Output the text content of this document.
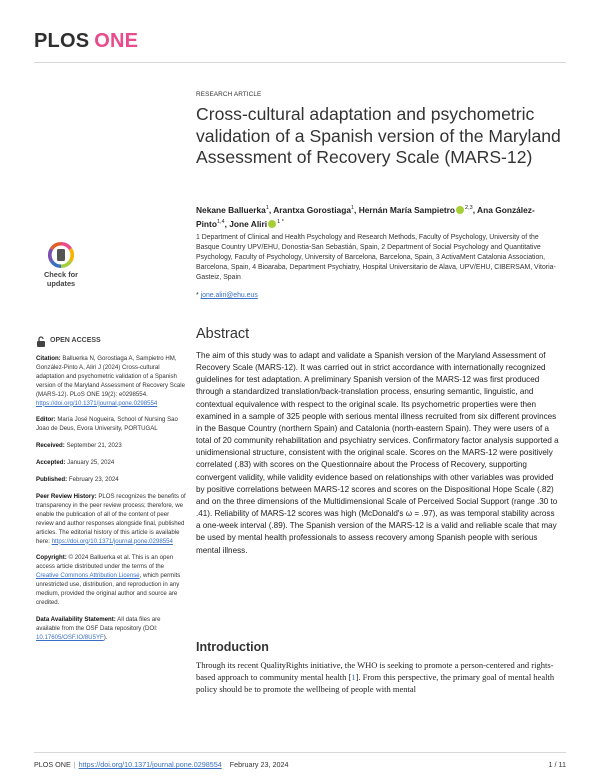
PLOS ONE
RESEARCH ARTICLE
Cross-cultural adaptation and psychometric validation of a Spanish version of the Maryland Assessment of Recovery Scale (MARS-12)
Nekane Balluerka$^1$, Arantxa Gorostiaga$^1$, Hernán María Sampietro $^{2,3}$, Ana González-
Pinto$^{1,4}$, Jone Aliri $^{1 *}$
1 Department of Clinical and Health Psychology and Research Methods, Faculty of Psychology, University of the Basque Country UPV/EHU, Donostia-San Sebastián, Spain, 2 Department of Social Psychology and Quantitative Psychology, Faculty of Psychology, University of Barcelona, Barcelona, Spain, 3 ActivaMent Catalonia Association, Barcelona, Spain, 4 Bioaraba, Department Psychiatry, Hospital Universitario de Alava, UPV/EHU, CIBERSAM, Vitoria-Gasteiz, Spain
* jone.aliri@ehu.eus
Check for
updates
OPEN ACCESS
Citation: Balluerka N, Gorostiaga A, Sampietro HM, González-Pinto A, Aliri J (2024) Cross-cultural adaptation and psychometric validation of a Spanish version of the Maryland Assessment of Recovery Scale (MARS-12). PLoS ONE 19(2): e0298554. https://doi.org/10.1371/journal.pone.0298554
Editor: María José Nogueira, School of Nursing Sao Joao de Deus, Evora University, PORTUGAL
Received: September 21, 2023
Accepted: January 25, 2024
Published: February 23, 2024
Peer Review History: PLOS recognizes the benefits of transparency in the peer review process; therefore, we enable the publication of all of the content of peer review and author responses alongside final, published articles. The editorial history of this article is available here: https://doi.org/10.1371/journal.pone.0298554
Copyright: © 2024 Balluerka et al. This is an open access article distributed under the terms of the Creative Commons Attribution License, which permits unrestricted use, distribution, and reproduction in any medium, provided the original author and source are credited.
Data Availability Statement: All data files are available from the OSF Data repository (DOI: 10.17605/OSF.IO/8U5YF).
Abstract

The aim of this study was to adapt and validate a Spanish version of the Maryland Assessment of Recovery Scale (MARS-12). It was carried out in strict accordance with internationally recognized guidelines for test adaptation. A preliminary Spanish version of the MARS-12 was first produced through a standardized translation/back-translation process, ensuring semantic, linguistic, and contextual equivalence with respect to the original scale. Its psychometric properties were then examined in a sample of 325 people with serious mental illness recruited from six different provinces in the Basque Country (northern Spain) and Catalonia (north-eastern Spain). They were users of a total of 20 community rehabilitation and psychiatry services. Confirmatory factor analysis supported a unidimensional structure, consistent with the original scale. Scores on the MARS-12 were positively correlated (.83) with scores on the Questionnaire about the Process of Recovery, supporting convergent validity, while validity evidence based on relationships with other variables was provided by positive correlations between MARS-12 scores and scores on the Dispositional Hope Scale (.82) and on the three dimensions of the Multidimensional Scale of Perceived Social Support (range .30 to .41). Reliability of MARS-12 scores was high (McDonald's ω = .97), as was temporal stability across a one-week interval (.89). The Spanish version of the MARS-12 is a valid and reliable scale that may be used by mental health professionals to assess recovery among Spanish people with serious mental illness.

Introduction

Through its recent QualityRights initiative, the WHO is seeking to promote a person-centered and rights-based approach to community mental health [1]. From this perspective, the primary goal of mental health policy should be to promote the wellbeing of people with mental

PLOS ONE | https://doi.org/10.1371/journal.pone.0298554 February 23, 2024	1 / 11
